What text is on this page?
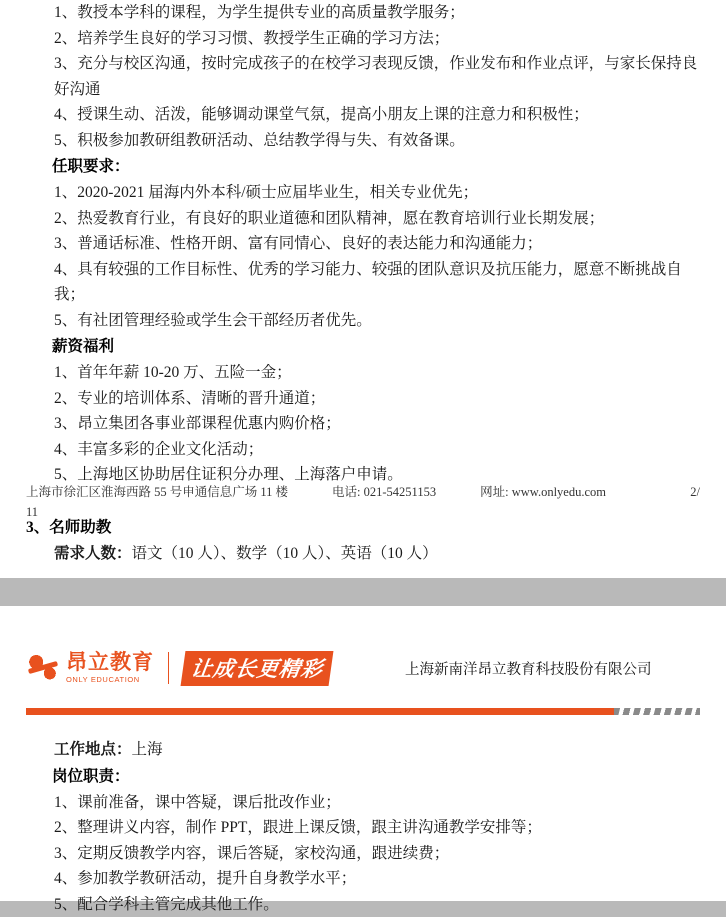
1、教授本学科的课程，为学生提供专业的高质量教学服务；
2、培养学生良好的学习习惯、教授学生正确的学习方法；
3、充分与校区沟通，按时完成孩子的在校学习表现反馈，作业发布和作业点评，与家长保持良好沟通
4、授课生动、活泼，能够调动课堂气氛，提高小朋友上课的注意力和积极性；
5、积极参加教研组教研活动、总结教学得与失、有效备课。
任职要求：
1、2020-2021 届海内外本科/硕士应届毕业生，相关专业优先；
2、热爱教育行业，有良好的职业道德和团队精神，愿在教育培训行业长期发展；
3、普通话标准、性格开朗、富有同情心、良好的表达能力和沟通能力；
4、具有较强的工作目标性、优秀的学习能力、较强的团队意识及抗压能力，愿意不断挑战自我；
5、有社团管理经验或学生会干部经历者优先。
薪资福利
1、首年年薪 10-20 万、五险一金；
2、专业的培训体系、清晰的晋升通道；
3、昂立集团各事业部课程优惠内购价格；
4、丰富多彩的企业文化活动；
5、上海地区协助居住证积分办理、上海落户申请。
3、名师助教
需求人数：语文（10 人）、数学（10 人）、英语（10 人）
上海市徐汇区淮海西路 55 号申通信息广场 11 楼	电话: 021-54251153	网址: www.onlyedu.com	2/
11
昂立教育
ONLY EDUCATION	让成长更精彩	上海新南洋昂立教育科技股份有限公司
工作地点：上海
岗位职责：
1、课前准备，课中答疑，课后批改作业；
2、整理讲义内容，制作 PPT，跟进上课反馈，跟主讲沟通教学安排等；
3、定期反馈教学内容，课后答疑，家校沟通，跟进续费；
4、参加教学教研活动，提升自身教学水平；
5、配合学科主管完成其他工作。
